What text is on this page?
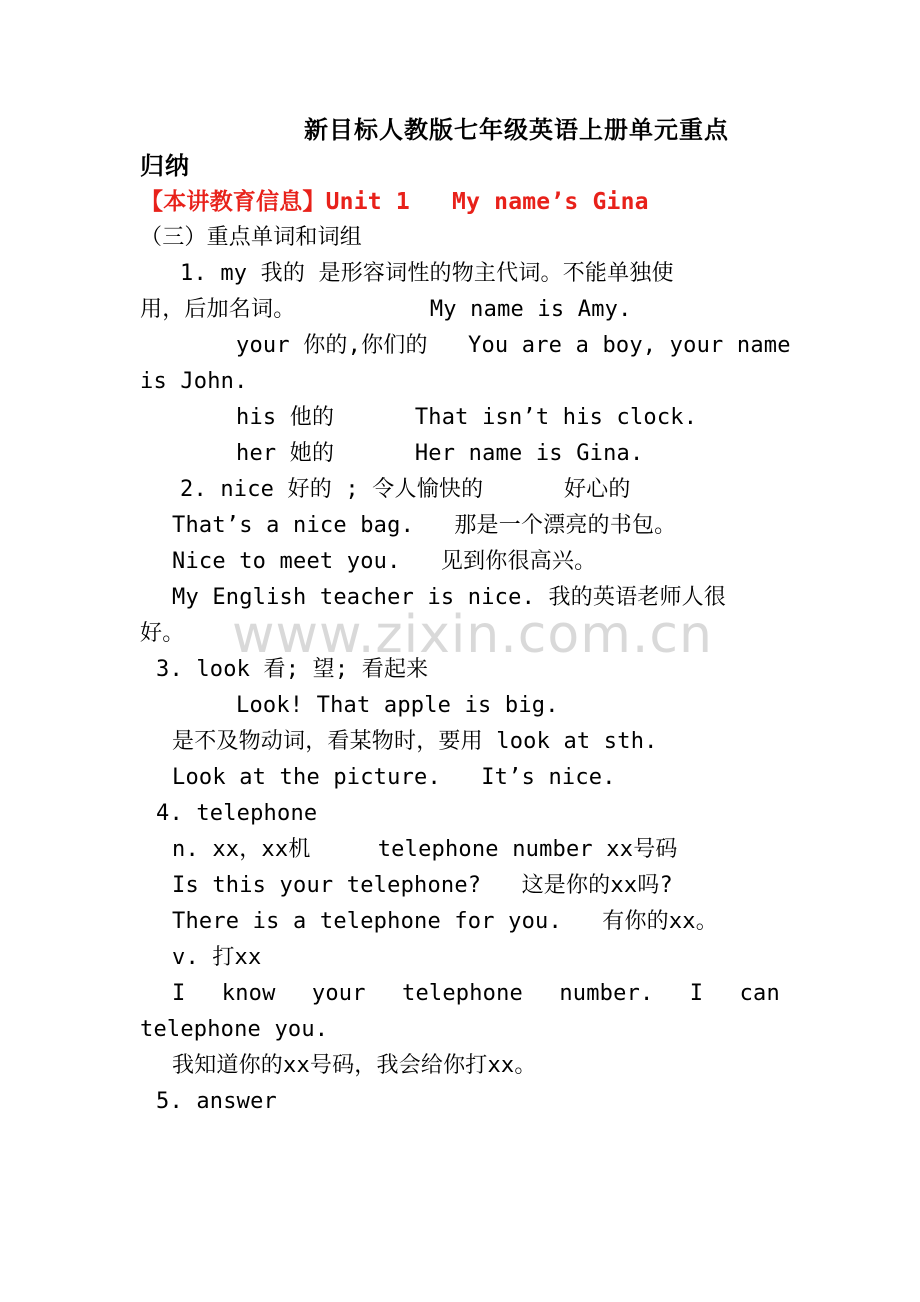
新目标人教版七年级英语上册单元重点
归纳
【本讲教育信息】Unit 1   My name’s Gina
（三）重点单词和词组
1. my 我的 是形容词性的物主代词。不能单独使
用，后加名词。          My name is Amy.
your 你的,你们的   You are a boy, your name
is John.
his 他的      That isn’t his clock.
her 她的      Her name is Gina.
2. nice 好的 ; 令人愉快的      好心的
That’s a nice bag.   那是一个漂亮的书包。
Nice to meet you.   见到你很高兴。
My English teacher is nice. 我的英语老师人很
好。 www.zixin.com.cn
3. look 看; 望; 看起来
Look! That apple is big.
是不及物动词，看某物时，要用 look at sth.
Look at the picture.   It’s nice.
4. telephone
n. xx，xx机     telephone number xx号码
Is this your telephone?   这是你的xx吗?
There is a telephone for you.   有你的xx。
v. 打xx
I know your telephone number. I can
telephone you.
我知道你的xx号码，我会给你打xx。
5. answer
